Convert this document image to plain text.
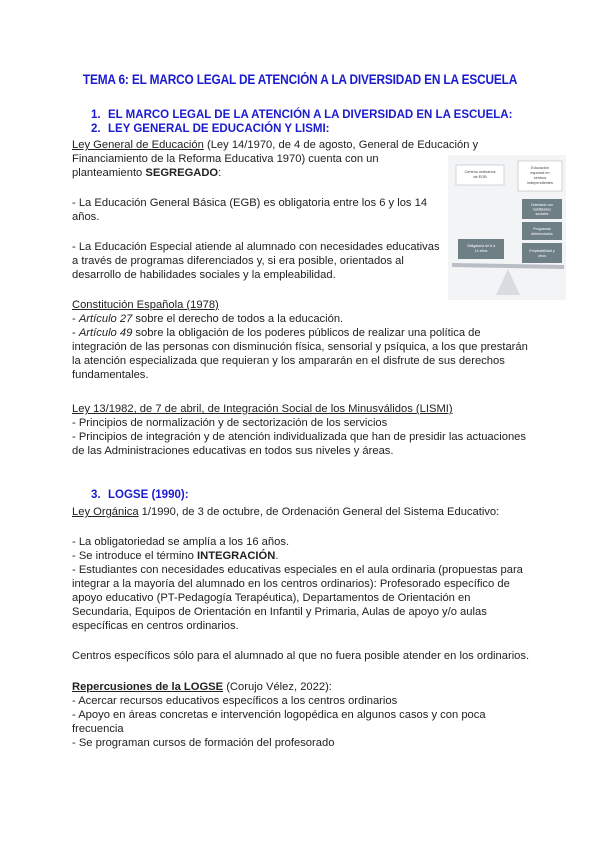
TEMA 6: EL MARCO LEGAL DE ATENCIÓN A LA DIVERSIDAD EN LA ESCUELA
1. EL MARCO LEGAL DE LA ATENCIÓN A LA DIVERSIDAD EN LA ESCUELA:
2. LEY GENERAL DE EDUCACIÓN Y LISMI:
Ley General de Educación (Ley 14/1970, de 4 de agosto, General de Educación y
Financiamiento de la Reforma Educativa 1970) cuenta con un
planteamiento SEGREGADO:
- La Educación General Básica (EGB) es obligatoria entre los 6 y los 14
años.
- La Educación Especial atiende al alumnado con necesidades educativas
a través de programas diferenciados y, si era posible, orientados al
desarrollo de habilidades sociales y la empleabilidad.
Centros ordinarios
de EGB
Educación
especial en
centros
independientes
Orientado con
habilidades
sociales
Programas
diferenciados
Empleabilidad y
otros
Obligatoria de 6 a
14 años
Constitución Española (1978)
- Artículo 27 sobre el derecho de todos a la educación.
- Artículo 49 sobre la obligación de los poderes públicos de realizar una política de
integración de las personas con disminución física, sensorial y psíquica, a los que prestarán
la atención especializada que requieran y los ampararán en el disfrute de sus derechos
fundamentales.
Ley 13/1982, de 7 de abril, de Integración Social de los Minusválidos (LISMI)
- Principios de normalización y de sectorización de los servicios
- Principios de integración y de atención individualizada que han de presidir las actuaciones
de las Administraciones educativas en todos sus niveles y áreas.
3. LOGSE (1990):
Ley Orgánica 1/1990, de 3 de octubre, de Ordenación General del Sistema Educativo:
- La obligatoriedad se amplía a los 16 años.
- Se introduce el término INTEGRACIÓN.
- Estudiantes con necesidades educativas especiales en el aula ordinaria (propuestas para
integrar a la mayoría del alumnado en los centros ordinarios): Profesorado específico de
apoyo educativo (PT-Pedagogía Terapéutica), Departamentos de Orientación en
Secundaria, Equipos de Orientación en Infantil y Primaria, Aulas de apoyo y/o aulas
específicas en centros ordinarios.
Centros específicos sólo para el alumnado al que no fuera posible atender en los ordinarios.
Repercusiones de la LOGSE (Corujo Vélez, 2022):
- Acercar recursos educativos específicos a los centros ordinarios
- Apoyo en áreas concretas e intervención logopédica en algunos casos y con poca
frecuencia
- Se programan cursos de formación del profesorado
